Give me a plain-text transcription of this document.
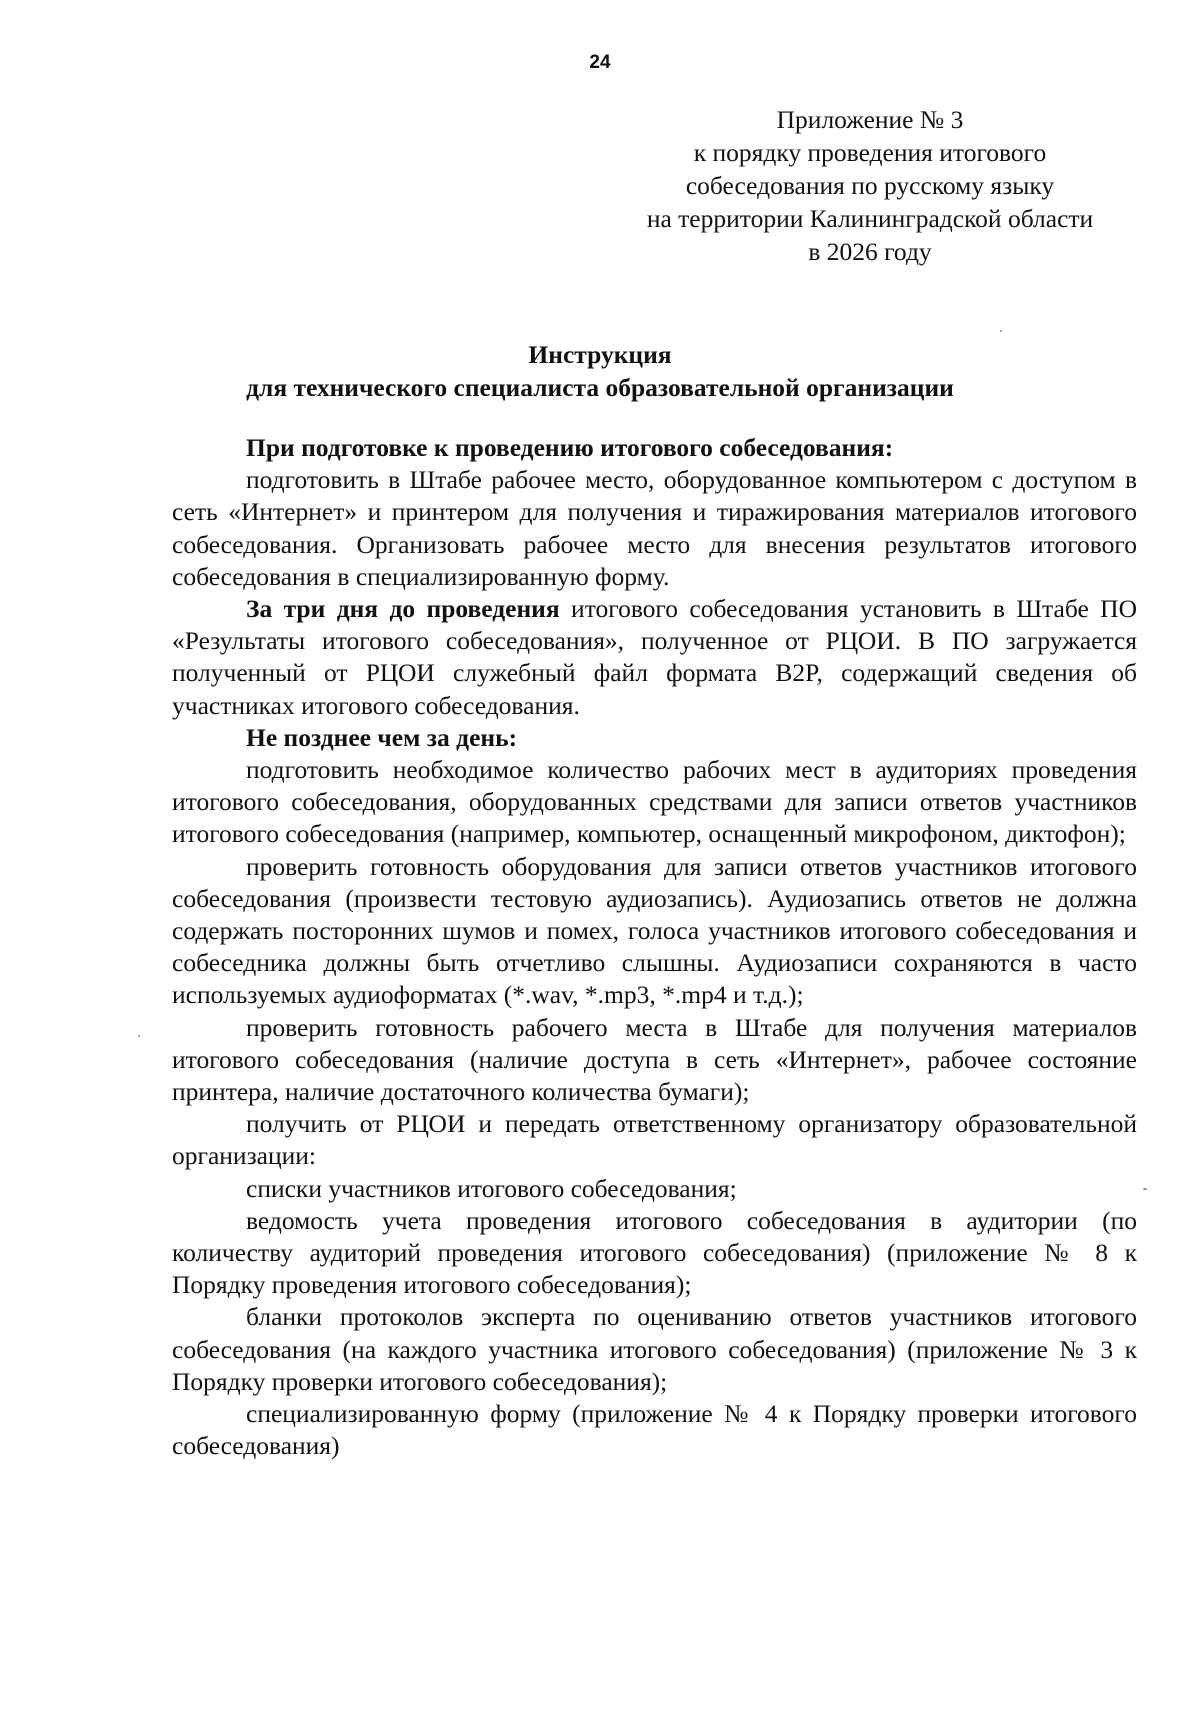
24
Приложение № 3
к порядку проведения итогового
собеседования по русскому языку
на территории Калининградской области
в 2026 году
Инструкция
для технического специалиста образовательной организации

При подготовке к проведению итогового собеседования:

подготовить в Штабе рабочее место, оборудованное компьютером с доступом в сеть «Интернет» и принтером для получения и тиражирования материалов итогового собеседования. Организовать рабочее место для внесения результатов итогового собеседования в специализированную форму.

За три дня до проведения итогового собеседования установить в Штабе ПО «Результаты итогового собеседования», полученное от РЦОИ. В ПО загружается полученный от РЦОИ служебный файл формата B2P, содержащий сведения об участниках итогового собеседования.

Не позднее чем за день:

подготовить необходимое количество рабочих мест в аудиториях проведения итогового собеседования, оборудованных средствами для записи ответов участников итогового собеседования (например, компьютер, оснащенный микрофоном, диктофон);

проверить готовность оборудования для записи ответов участников итогового собеседования (произвести тестовую аудиозапись). Аудиозапись ответов не должна содержать посторонних шумов и помех, голоса участников итогового собеседования и собеседника должны быть отчетливо слышны. Аудиозаписи сохраняются в часто используемых аудиоформатах (*.wav, *.mp3, *.mp4 и т.д.);

проверить готовность рабочего места в Штабе для получения материалов итогового собеседования (наличие доступа в сеть «Интернет», рабочее состояние принтера, наличие достаточного количества бумаги);

получить от РЦОИ и передать ответственному организатору образовательной организации:

списки участников итогового собеседования;

ведомость учета проведения итогового собеседования в аудитории (по количеству аудиторий проведения итогового собеседования) (приложение № 8 к Порядку проведения итогового собеседования);

бланки протоколов эксперта по оцениванию ответов участников итогового собеседования (на каждого участника итогового собеседования) (приложение № 3 к Порядку проверки итогового собеседования);

специализированную форму (приложение № 4 к Порядку проверки итогового собеседования)
